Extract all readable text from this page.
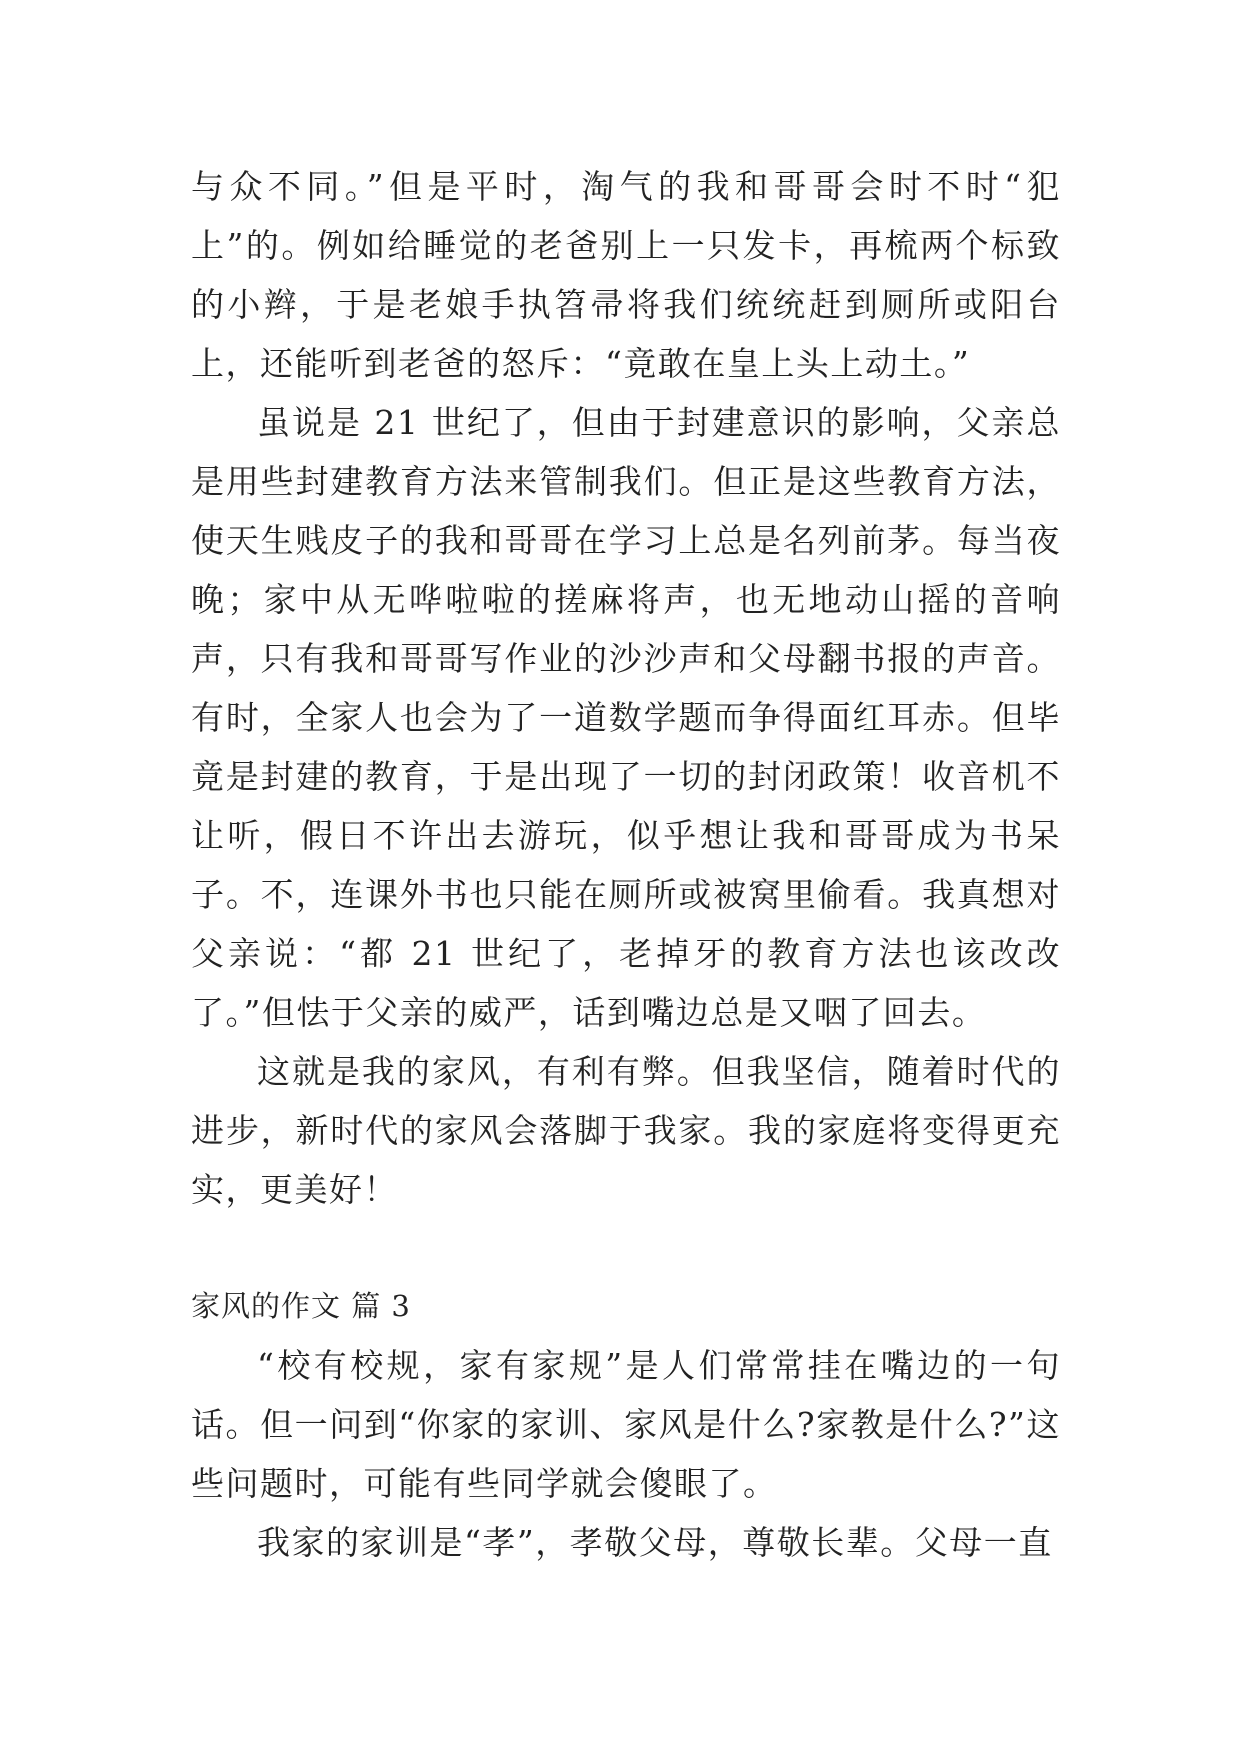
与众不同。”但是平时，淘气的我和哥哥会时不时“犯上”的。例如给睡觉的老爸别上一只发卡，再梳两个标致的小辫，于是老娘手执笤帚将我们统统赶到厕所或阳台上，还能听到老爸的怒斥：“竟敢在皇上头上动土。”

虽说是 21 世纪了，但由于封建意识的影响，父亲总是用些封建教育方法来管制我们。但正是这些教育方法，使天生贱皮子的我和哥哥在学习上总是名列前茅。每当夜晚；家中从无哗啦啦的搓麻将声，也无地动山摇的音响声，只有我和哥哥写作业的沙沙声和父母翻书报的声音。有时，全家人也会为了一道数学题而争得面红耳赤。但毕竟是封建的教育，于是出现了一切的封闭政策！收音机不让听，假日不许出去游玩，似乎想让我和哥哥成为书呆子。不，连课外书也只能在厕所或被窝里偷看。我真想对父亲说：“都 21 世纪了，老掉牙的教育方法也该改改了。”但怯于父亲的威严，话到嘴边总是又咽了回去。

这就是我的家风，有利有弊。但我坚信，随着时代的进步，新时代的家风会落脚于我家。我的家庭将变得更充实，更美好！

家风的作文 篇 3

“校有校规，家有家规”是人们常常挂在嘴边的一句话。但一问到“你家的家训、家风是什么?家教是什么?”这些问题时，可能有些同学就会傻眼了。

我家的家训是“孝”，孝敬父母，尊敬长辈。父母一直
